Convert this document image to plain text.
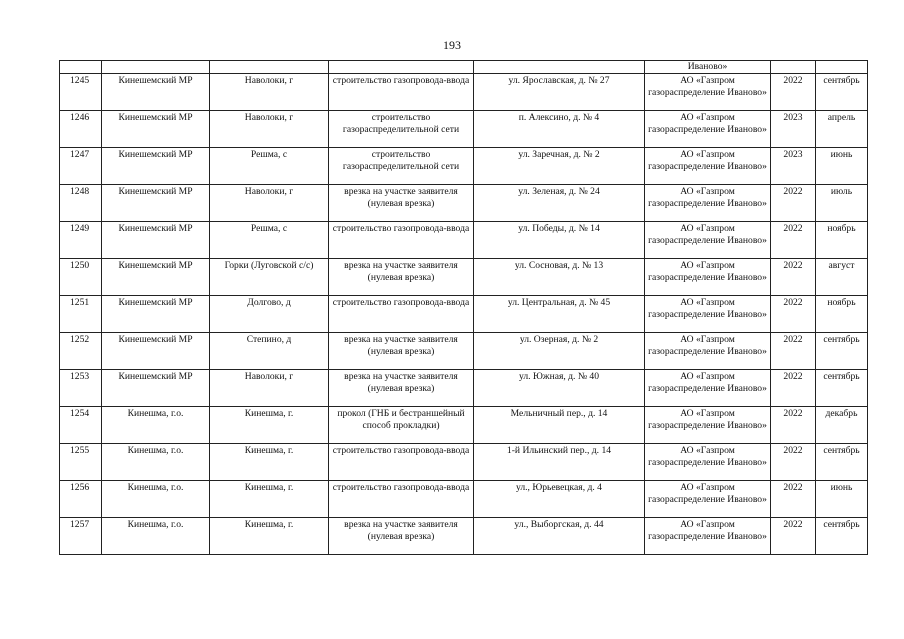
193
					Иваново»		
1245	Кинешемский МР	Наволоки, г	строительство газопровода-ввода	ул. Ярославская, д. № 27	АО «Газпром газораспределение Иваново»	2022	сентябрь
1246	Кинешемский МР	Наволоки, г	строительство газораспределительной сети	п. Алексино, д. № 4	АО «Газпром газораспределение Иваново»	2023	апрель
1247	Кинешемский МР	Решма, с	строительство газораспределительной сети	ул. Заречная, д. № 2	АО «Газпром газораспределение Иваново»	2023	июнь
1248	Кинешемский МР	Наволоки, г	врезка на участке заявителя (нулевая врезка)	ул. Зеленая, д. № 24	АО «Газпром газораспределение Иваново»	2022	июль
1249	Кинешемский МР	Решма, с	строительство газопровода-ввода	ул. Победы, д. № 14	АО «Газпром газораспределение Иваново»	2022	ноябрь
1250	Кинешемский МР	Горки (Луговской с/с)	врезка на участке заявителя (нулевая врезка)	ул. Сосновая, д. № 13	АО «Газпром газораспределение Иваново»	2022	август
1251	Кинешемский МР	Долгово, д	строительство газопровода-ввода	ул. Центральная, д. № 45	АО «Газпром газораспределение Иваново»	2022	ноябрь
1252	Кинешемский МР	Степино, д	врезка на участке заявителя (нулевая врезка)	ул. Озерная, д. № 2	АО «Газпром газораспределение Иваново»	2022	сентябрь
1253	Кинешемский МР	Наволоки, г	врезка на участке заявителя (нулевая врезка)	ул. Южная, д. № 40	АО «Газпром газораспределение Иваново»	2022	сентябрь
1254	Кинешма, г.о.	Кинешма, г.	прокол (ГНБ и бестраншейный способ прокладки)	Мельничный пер., д. 14	АО «Газпром газораспределение Иваново»	2022	декабрь
1255	Кинешма, г.о.	Кинешма, г.	строительство газопровода-ввода	1-й Ильинский пер., д. 14	АО «Газпром газораспределение Иваново»	2022	сентябрь
1256	Кинешма, г.о.	Кинешма, г.	строительство газопровода-ввода	ул., Юрьевецкая, д. 4	АО «Газпром газораспределение Иваново»	2022	июнь
1257	Кинешма, г.о.	Кинешма, г.	врезка на участке заявителя (нулевая врезка)	ул., Выборгская, д. 44	АО «Газпром газораспределение Иваново»	2022	сентябрь
